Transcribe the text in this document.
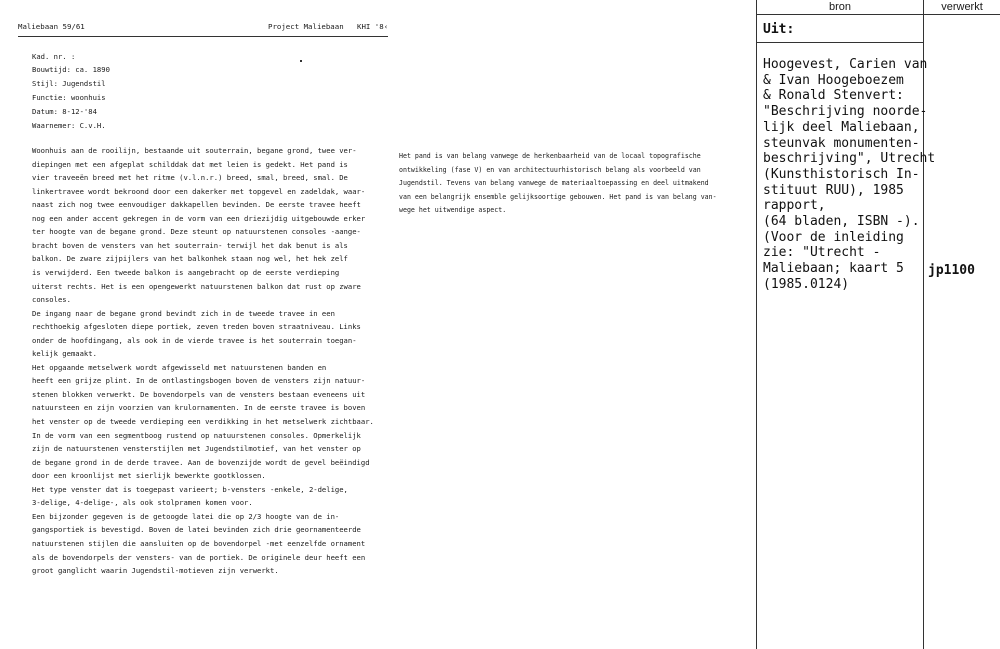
Maliebaan 59/61	Project Maliebaan KHI '8‹
Kad. nr. :
Bouwtijd: ca. 1890
Stijl: Jugendstil
Functie: woonhuis
Datum: 8-12-'84
Waarnemer: C.v.H.
Woonhuis aan de rooilijn, bestaande uit souterrain, begane grond, twee ver-
diepingen met een afgeplat schilddak dat met leien is gedekt. Het pand is
vier traveeën breed met het ritme (v.l.n.r.) breed, smal, breed, smal. De
linkertravee wordt bekroond door een dakerker met topgevel en zadeldak, waar-
naast zich nog twee eenvoudiger dakkapellen bevinden. De eerste travee heeft
nog een ander accent gekregen in de vorm van een driezijdig uitgebouwde erker
ter hoogte van de begane grond. Deze steunt op natuurstenen consoles -aange-
bracht boven de vensters van het souterrain- terwijl het dak benut is als
balkon. De zware zijpijlers van het balkonhek staan nog wel, het hek zelf
is verwijderd. Een tweede balkon is aangebracht op de eerste verdieping
uiterst rechts. Het is een opengewerkt natuurstenen balkon dat rust op zware
consoles.
De ingang naar de begane grond bevindt zich in de tweede travee in een
rechthoekig afgesloten diepe portiek, zeven treden boven straatniveau. Links
onder de hoofdingang, als ook in de vierde travee is het souterrain toegan-
kelijk gemaakt.
Het opgaande metselwerk wordt afgewisseld met natuurstenen banden en
heeft een grijze plint. In de ontlastingsbogen boven de vensters zijn natuur-
stenen blokken verwerkt. De bovendorpels van de vensters bestaan eveneens uit
natuursteen en zijn voorzien van krulornamenten. In de eerste travee is boven
het venster op de tweede verdieping een verdikking in het metselwerk zichtbaar.
In de vorm van een segmentboog rustend op natuurstenen consoles. Opmerkelijk
zijn de natuurstenen vensterstijlen met Jugendstilmotief, van het venster op
de begane grond in de derde travee. Aan de bovenzijde wordt de gevel beëindigd
door een kroonlijst met sierlijk bewerkte gootklossen.
Het type venster dat is toegepast varieert; b-vensters -enkele, 2-delige,
3-delige, 4-delige-, als ook stolpramen komen voor.
Een bijzonder gegeven is de getoogde latei die op 2/3 hoogte van de in-
gangsportiek is bevestigd. Boven de latei bevinden zich drie geornamenteerde
natuurstenen stijlen die aansluiten op de bovendorpel -met eenzelfde ornament
als de bovendorpels der vensters- van de portiek. De originele deur heeft een
groot ganglicht waarin Jugendstil-motieven zijn verwerkt.
Het pand is van belang vanwege de herkenbaarheid van de locaal topografische
ontwikkeling (fase V) en van architectuurhistorisch belang als voorbeeld van
Jugendstil. Tevens van belang vanwege de materiaaltoepassing en deel uitmakend
van een belangrijk ensemble gelijksoortige gebouwen. Het pand is van belang van-
wege het uitwendige aspect.
bron	verwerkt
Uit:
Hoogevest, Carien van
& Ivan Hoogeboezem
& Ronald Stenvert:
"Beschrijving noorde-
lijk deel Maliebaan,
steunvak monumenten-
beschrijving", Utrecht
(Kunsthistorisch In-
stituut RUU), 1985
rapport,
(64 bladen, ISBN -).
(Voor de inleiding
zie: "Utrecht -
Maliebaan; kaart 5
(1985.0124)
jp1100
